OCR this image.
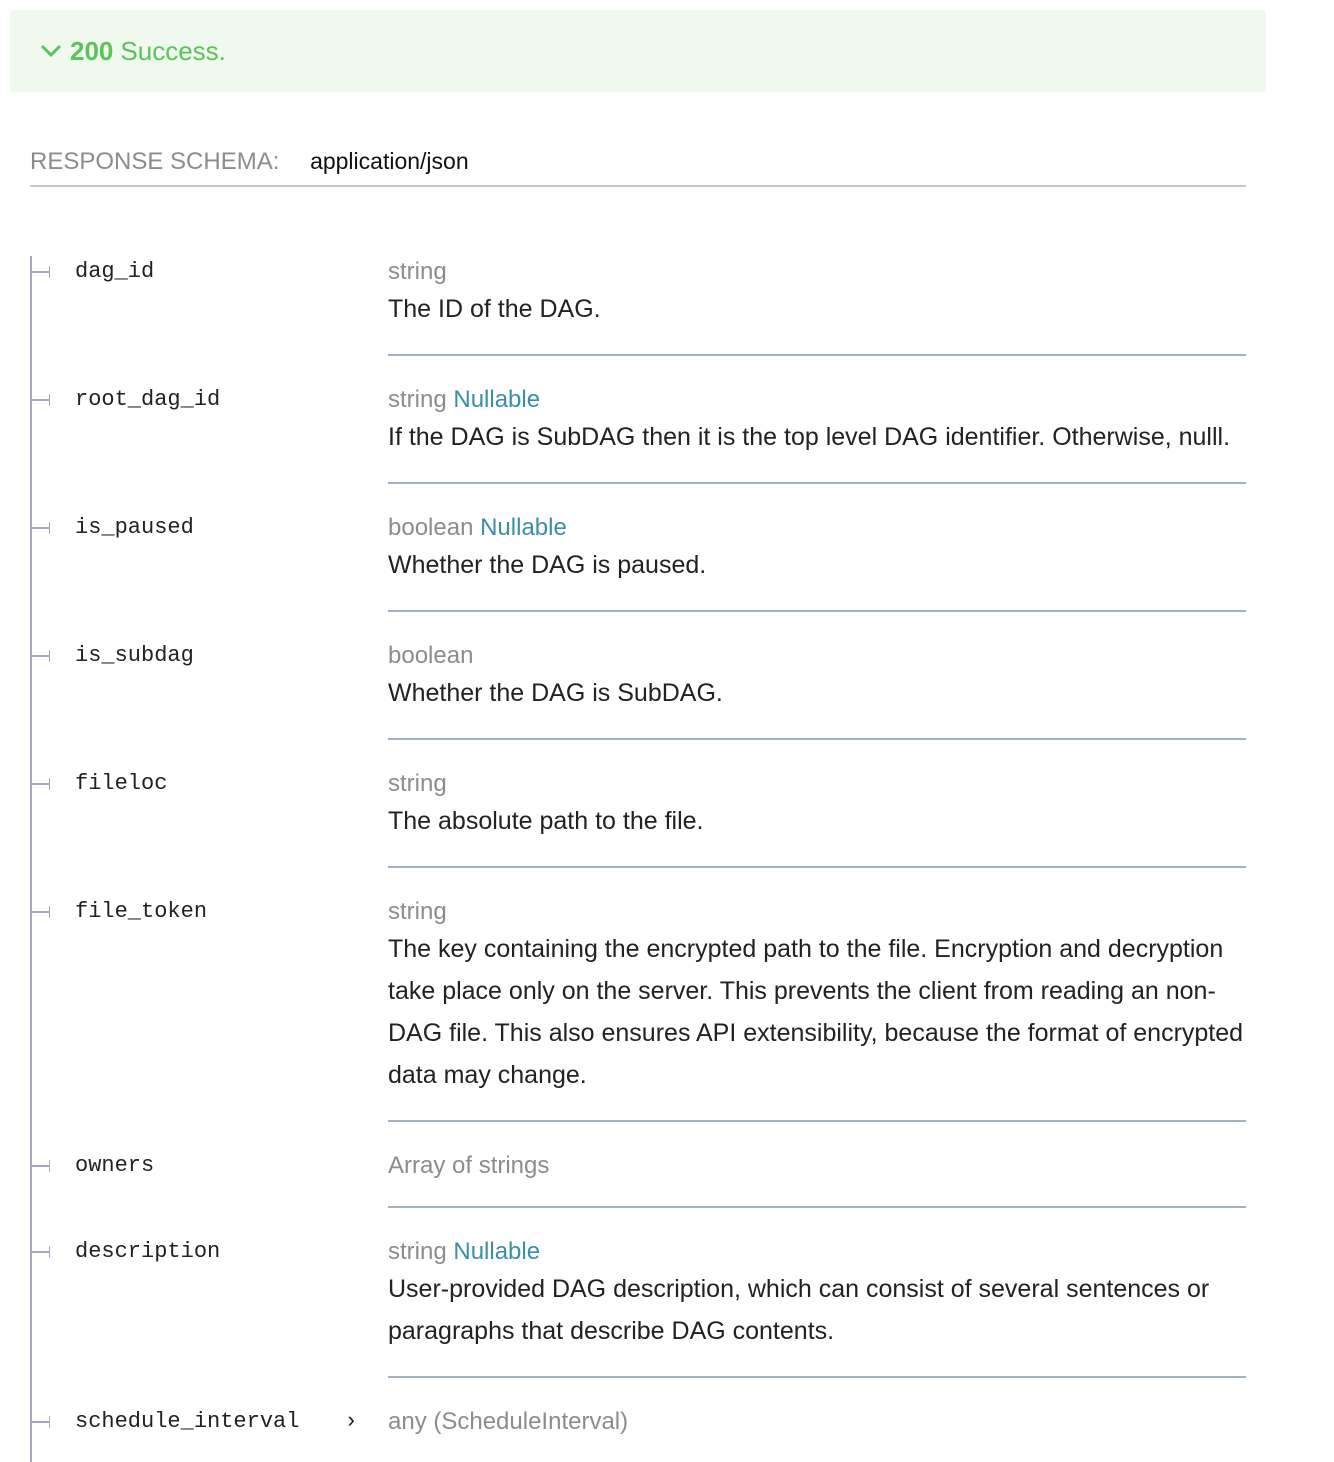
200 Success.
RESPONSE SCHEMA: application/json
dag_id	string

The ID of the DAG.

root_dag_id	string Nullable

If the DAG is SubDAG then it is the top level DAG identifier. Otherwise, nulll.

is_paused	boolean Nullable

Whether the DAG is paused.

is_subdag	boolean

Whether the DAG is SubDAG.

fileloc	string

The absolute path to the file.

file_token	string

The key containing the encrypted path to the file. Encryption and decryption take place only on the server. This prevents the client from reading an non-DAG file. This also ensures API extensibility, because the format of encrypted data may change.

owners	Array of strings
description	string Nullable

User-provided DAG description, which can consist of several sentences or paragraphs that describe DAG contents.

schedule_interval ›	any (ScheduleInterval)
